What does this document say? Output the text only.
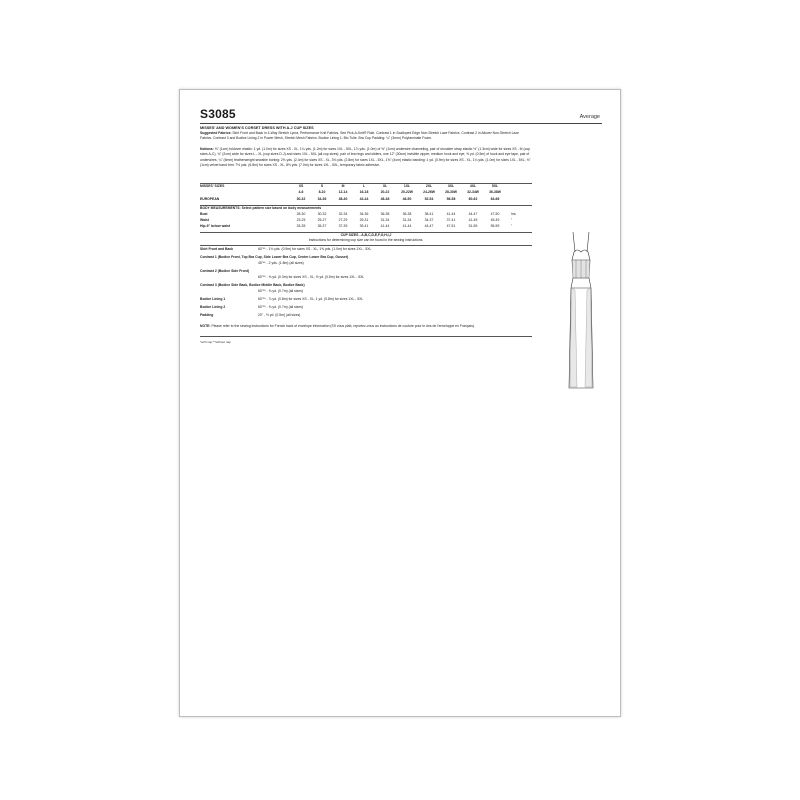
S3085	Average
MISSES' AND WOMEN'S CORSET DRESS WITH A-J CUP SIZES
Suggested Fabrics: Skirt Front and Back in 4-Way Stretch Lycra, Performance Knit Fabrics. See Pick-A-Knit® Rule. Contrast 1 in Scalloped Edge Non-Stretch Lace Fabrics. Contrast 2 in Allover Non-Stretch Lace Fabrics. Contrast 3 and Bodice Lining 2 in Power Mesh, Stretch Mesh Fabrics. Bodice Lining 1: Bio Tulle. Bra Cup Padding: ¼" (3mm) Polylaminate Foam.
Notions: ⅜" (1cm) foldover elastic: 1 yd. (1.0m) for sizes XS - XL, 1¼ yds. (1.2m) for sizes 1XL - 5XL, 1⅞ yds. (1.0m) of ⅜" (1cm) underwire channeling, pair of shoulder strap elastic ½" (1.3cm) wide for sizes XS - M (cup sizes A-C), ¾" (2cm) wide for sizes L - XL (cup sizes D-J) and sizes 1XL - 5XL (all cup sizes), pair of bra rings and sliders, one 12" (30cm) invisible zipper, medium hook and eye, ⅝ yd. (0.5m) of hook and eye tape, pair of underwires, ¼" (6mm) featherweight sewable boning: 2⅜ yds. (2.4m) for sizes XS - XL, 3⅛ yds. (2.8m) for sizes 1XL - 5XL, 1⅝" (4cm) elastic banding: 1 yd. (0.9m) for sizes XS - XL, 1¼ yds. (1.0m) for sizes 1XL - 5XL, ⅜" (1cm) velvet band trim: 7½ yds. (6.8m) for sizes XS - XL, 8⅛ yds. (7.0m) for sizes 1XL - 5XL, temporary fabric adhesive.
MISSES' SIZES	XS	S	M	L	XL	1XL	2XL	3XL	4XL	5XL
4-6	8-10	12-14	16-18	20-22	20-22W	24-26W	28-30W	32-34W	36-38W
EUROPEAN	30-32	34-36	38-40	42-44	46-48	46-50	52-54	56-58	60-62	64-66
BODY MEASUREMENTS: Select pattern size based on body measurements
Bust	28-30	30-32	32-34	34-36	36-38	36-38	38-41	41-44	44-47	47-50	Ins.
Waist	23-25	25-27	27-29	29-31	31-34	31-34	34-37	37-41	41-45	45-49	"
Hip-9" below waist	33-35	35-37	37-39	39-41	41-44	41-44	44-47	47-51	51-55	55-59	"
CUP SIZES - A,B,C,D,E,F,G,H,I,J
Instructions for determining cup size can be found in the sewing instructions.
Skirt Front and Back	60"** - 1⅛ yds. (0.9m) for sizes XS - XL, 1⅜ yds. (1.0m) for sizes 1XL - 5XL
Contrast 1 (Bodice Front, Top Bra Cup, Side Lower Bra Cup, Center Lower Bra Cup, Gusset)
45"** - 2 yds. (1.8m) (all sizes)
Contrast 2 (Bodice Side Front)
60"** - ⅜ yd. (0.3m) for sizes XS - XL, ½ yd. (0.5m) for sizes 1XL - 5XL
Contrast 3 (Bodice Side Back, Bodice Middle Back, Bodice Back)
60"** - ⅝ yd. (0.7m) (all sizes)
Bodice Lining 1	60"** - ⅞ yd. (0.8m) for sizes XS - XL, 1 yd. (0.8m) for sizes 1XL - 5XL
Bodice Lining 2	60"** - ⅝ yd. (0.7m) (all sizes)
Padding	20" - ½ yd. (0.5m) (all sizes)
NOTE: Please refer to the sewing instructions for French back of envelope information (S'il vous plaît, reportez-vous au instructions de couture pour le dos de l'enveloppe en Français).
*with nap **without nap
